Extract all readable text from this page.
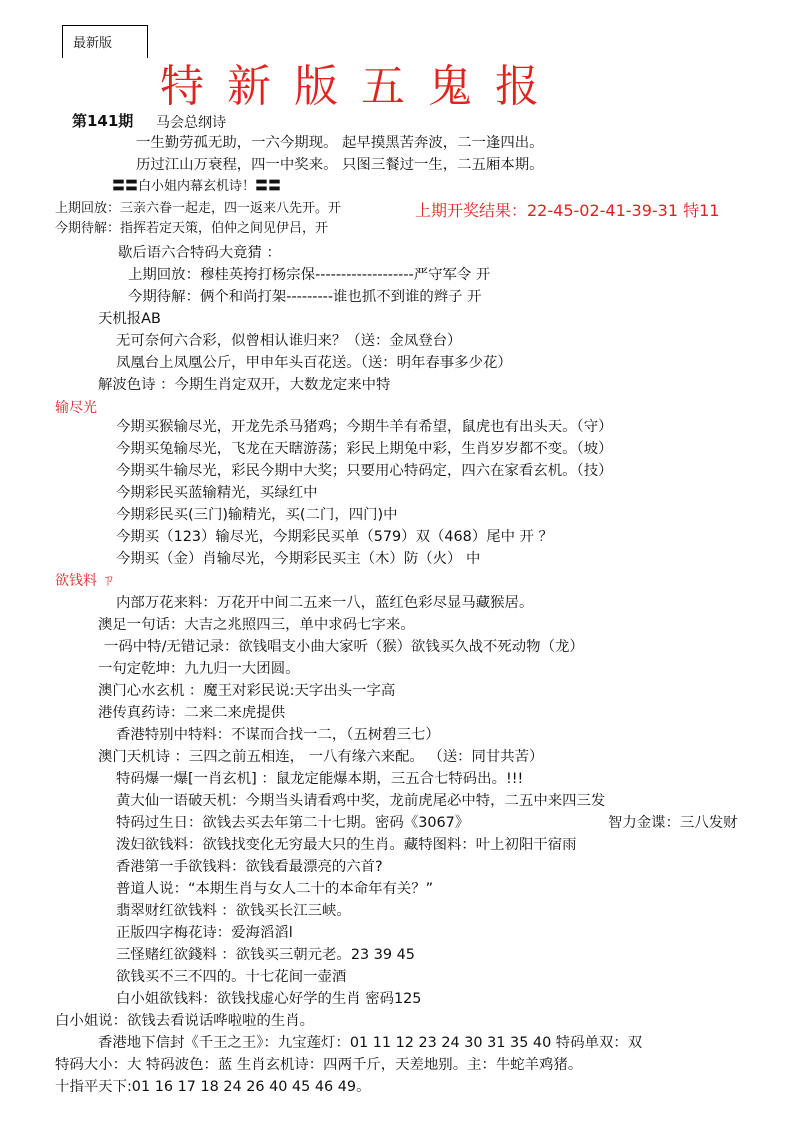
最新版
特新版五鬼报
第141期 马会总纲诗
上期开奖结果：22-45-02-41-39-31 特11
一生勤劳孤无助，一六今期现。 起早摸黑苦奔波，二一逢四出。
历过江山万衰程，四一中奖来。 只图三餐过一生，二五厢本期。
〓〓白小姐内幕玄机诗！〓〓
上期回放：三亲六眷一起走，四一返来八先开。开
今期待解：指挥若定天策，伯仲之间见伊吕，开
歇后语六合特码大竟猜 ：
上期回放：穆桂英挎打杨宗保-------------------严守军令 开
今期待解：俩个和尚打架---------谁也抓不到谁的辫子 开
天机报AB
无可奈何六合彩，似曾相认谁归来？（送：金凤登台）
凤凰台上凤凰公斤，甲申年头百花送。（送：明年春事多少花）
解波色诗 ：今期生肖定双开，大数龙定来中特
输尽光
今期买猴输尽光，开龙先杀马猪鸡；今期牛羊有希望，鼠虎也有出头天。（守）
今期买兔输尽光，飞龙在天瞎游荡；彩民上期兔中彩，生肖岁岁都不变。（坡）
今期买牛输尽光，彩民今期中大奖；只要用心特码定，四六在家看玄机。（技）
今期彩民买蓝输精光，买绿红中
今期彩民买(三门)输精光，买(二门，四门)中
今期买（123）输尽光，今期彩民买单（579）双（468）尾中 开 ？
今期买（金）肖输尽光，今期彩民买主（木）防（火） 中
欲钱料 ㄗ
内部万花来料：万花开中间二五来一八，蓝红色彩尽显马藏猴居。
澳足一句话：大吉之兆照四三，单中求码七字来。
一码中特/无错记录：欲钱唱支小曲大家听（猴）欲钱买久战不死动物（龙）
一句定乾坤：九九归一大团圆。
澳门心水玄机 ：魔王对彩民说:天字出头一字高
港传真药诗：二来二来虎提供
香港特别中特料：不谋而合找一二，（五树碧三七）
澳门天机诗 ：三四之前五相连， 一八有缘六来配。 （送：同甘共苦）
特码爆一爆[一肖玄机] ：鼠龙定能爆本期，三五合七特码出。!!!
黄大仙一语破天机：今期当头请看鸡中奖，龙前虎尾必中特，二五中来四三发
特码过生日：欲钱去买去年第二十七期。密码《3067》	智力金谍：三八发财
泼妇欲钱料：欲钱找变化无穷最大只的生肖。藏特图料：叶上初阳干宿雨
香港第一手欲钱料：欲钱看最漂亮的六首?
普道人说：“本期生肖与女人二十的本命年有关？”
翡翠财红欲钱料 ：欲钱买长江三峡。
正版四字梅花诗：爱海滔滔l
三怪赌红欲錢料 ：欲钱买三朝元老。23 39 45
欲钱买不三不四的。十七花间一壶酒
白小姐欲钱料：欲钱找虚心好学的生肖 密码125
白小姐说：欲钱去看说话哗啦啦的生肖。
香港地下信封《千王之王》：九宝莲灯：01 11 12 23 24 30 31 35 40 特码单双：双
特码大小：大 特码波色：蓝 生肖玄机诗：四两千斤，天差地别。主：牛蛇羊鸡猪。
十指平天下:01 16 17 18 24 26 40 45 46 49。
